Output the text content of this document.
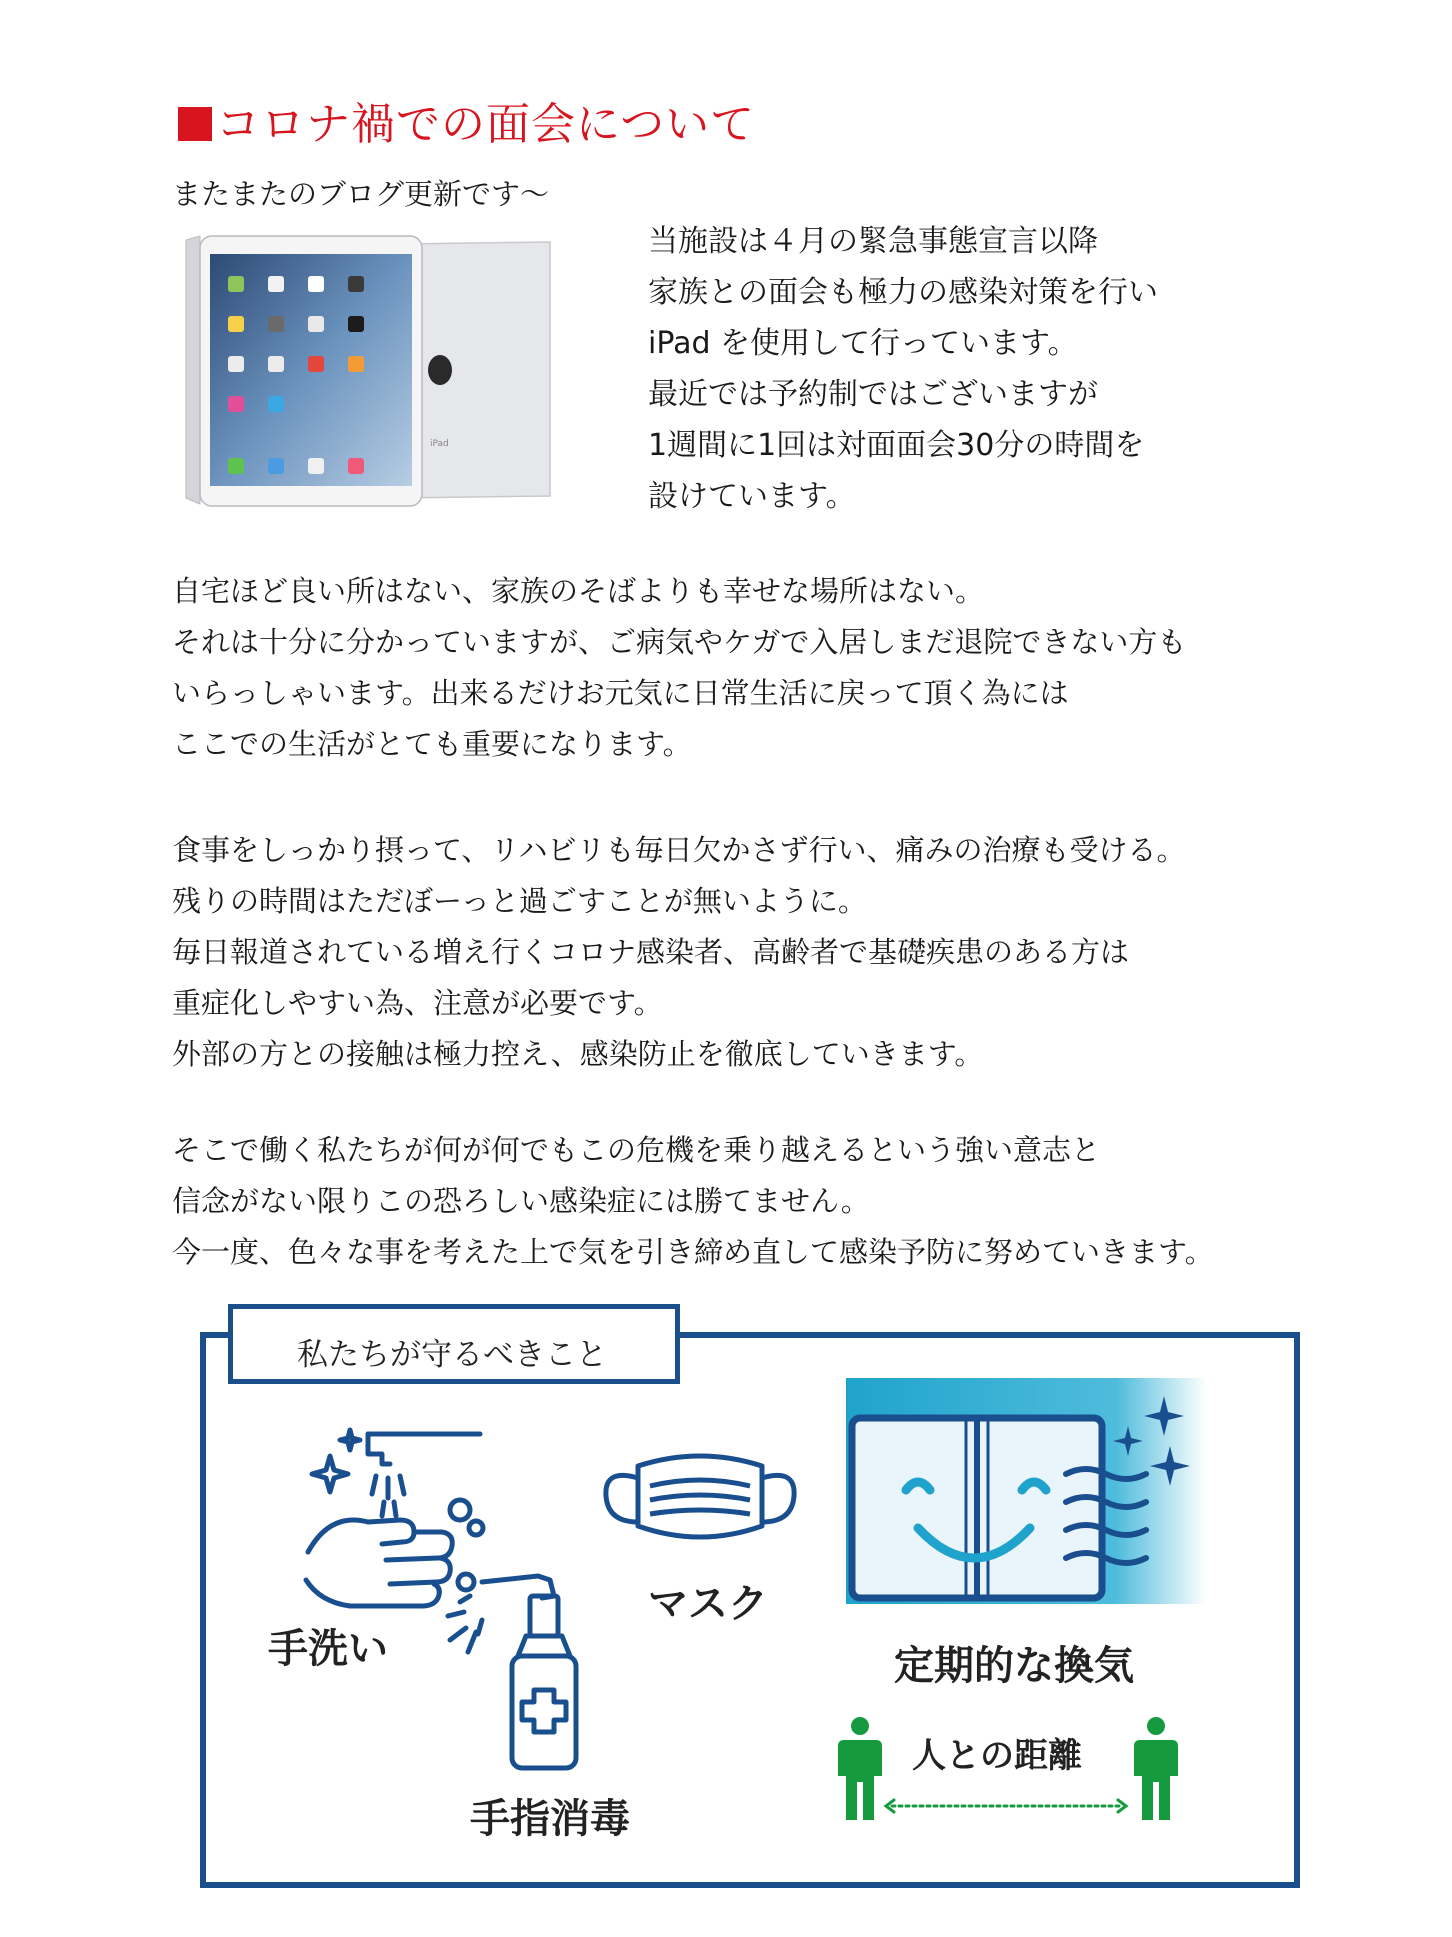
コロナ禍での面会について
またまたのブログ更新です～
iPad
当施設は４月の緊急事態宣言以降
家族との面会も極力の感染対策を行い
iPad を使用して行っています。
最近では予約制ではございますが
1週間に1回は対面面会30分の時間を
設けています。
自宅ほど良い所はない、家族のそばよりも幸せな場所はない。
それは十分に分かっていますが、ご病気やケガで入居しまだ退院できない方も
いらっしゃいます。出来るだけお元気に日常生活に戻って頂く為には
ここでの生活がとても重要になります。
食事をしっかり摂って、リハビリも毎日欠かさず行い、痛みの治療も受ける。
残りの時間はただぼーっと過ごすことが無いように。
毎日報道されている増え行くコロナ感染者、高齢者で基礎疾患のある方は
重症化しやすい為、注意が必要です。
外部の方との接触は極力控え、感染防止を徹底していきます。
そこで働く私たちが何が何でもこの危機を乗り越えるという強い意志と
信念がない限りこの恐ろしい感染症には勝てません。
今一度、色々な事を考えた上で気を引き締め直して感染予防に努めていきます。
私たちが守るべきこと
手洗い
マスク
手指消毒
定期的な換気
人との距離
